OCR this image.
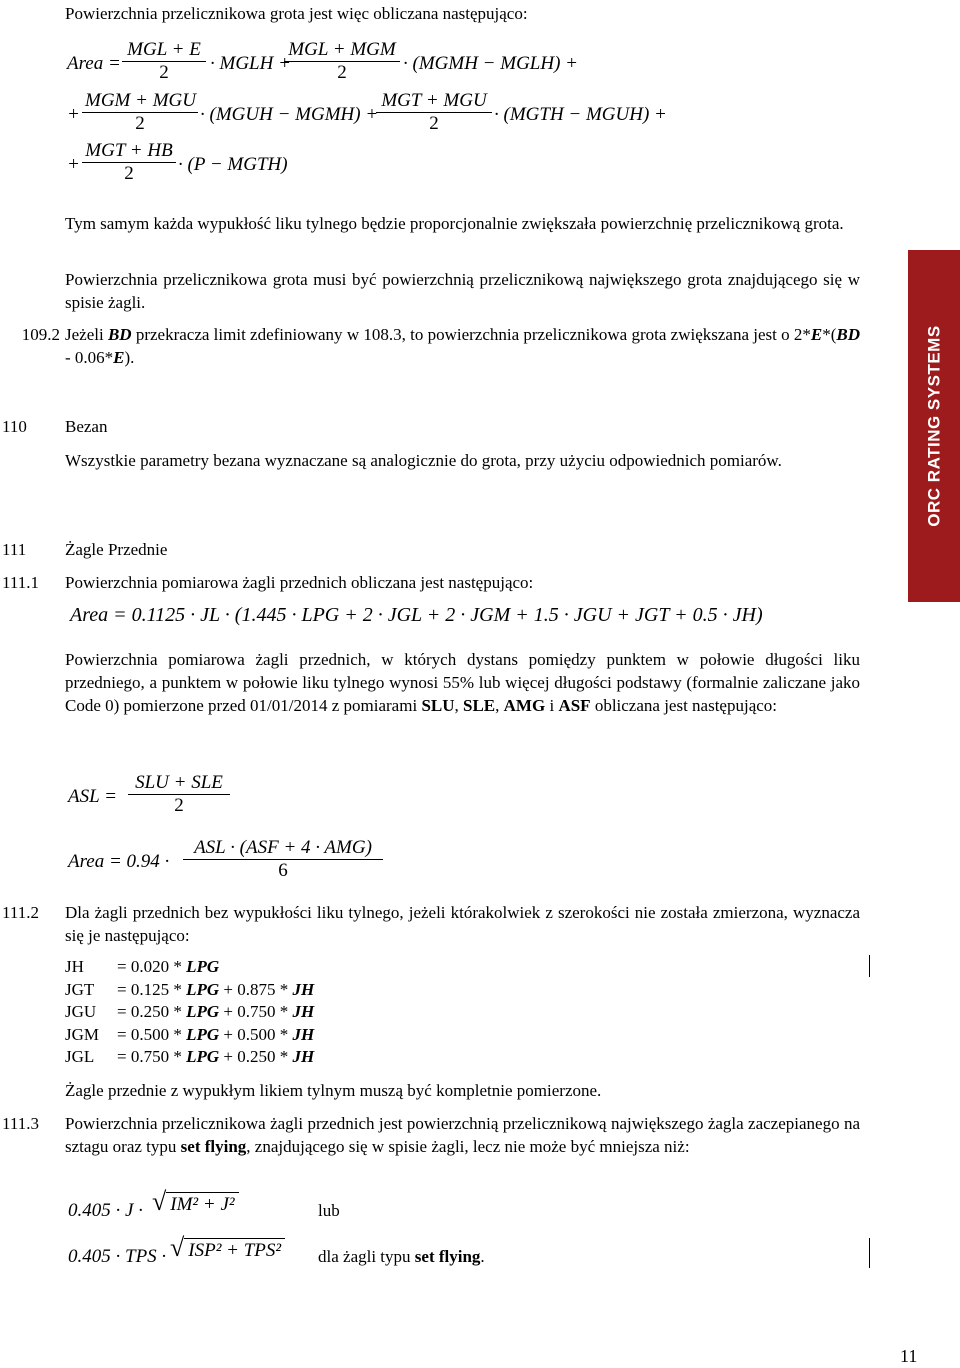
Powierzchnia przelicznikowa grota jest więc obliczana następująco:
Area =
MGL + E
2	· MGLH +
MGL + MGM
2	· (MGMH − MGLH) +
+
MGM + MGU
2	· (MGUH − MGMH) +
MGT + MGU
2	· (MGTH − MGUH) +
+
MGT + HB
2	· (P − MGTH)
Tym samym każda wypukłość liku tylnego będzie proporcjonalnie zwiększała powierzchnię przelicznikową grota.
Powierzchnia przelicznikowa grota musi być powierzchnią przelicznikową największego grota znajdującego się w spisie żagli.
109.2 Jeżeli BD przekracza limit zdefiniowany w 108.3, to powierzchnia przelicznikowa grota zwiększana jest o 2*E*(BD - 0.06*E).
110	Bezan
Wszystkie parametry bezana wyznaczane są analogicznie do grota, przy użyciu odpowiednich pomiarów.
111	Żagle Przednie
111.1	Powierzchnia pomiarowa żagli przednich obliczana jest następująco:
Area = 0.1125 · JL · (1.445 · LPG + 2 · JGL + 2 · JGM + 1.5 · JGU + JGT + 0.5 · JH)
Powierzchnia pomiarowa żagli przednich, w których dystans pomiędzy punktem w połowie długości liku przedniego, a punktem w połowie liku tylnego wynosi 55% lub więcej długości podstawy (formalnie zaliczane jako Code 0) pomierzone przed 01/01/2014 z pomiarami SLU, SLE, AMG i ASF obliczana jest następująco:
ASL =
SLU + SLE
2
Area = 0.94 ·
ASL · (ASF + 4 · AMG)
6
111.2	Dla żagli przednich bez wypukłości liku tylnego, jeżeli którakolwiek z szerokości nie została zmierzona, wyznacza się je następująco:
JH	= 0.020 * LPG
JGT	= 0.125 * LPG + 0.875 * JH
JGU	= 0.250 * LPG + 0.750 * JH
JGM	= 0.500 * LPG + 0.500 * JH
JGL	= 0.750 * LPG + 0.250 * JH
Żagle przednie z wypukłym likiem tylnym muszą być kompletnie pomierzone.
111.3	Powierzchnia przelicznikowa żagli przednich jest powierzchnią przelicznikową największego żagla zaczepianego na sztagu oraz typu set flying, znajdującego się w spisie żagli, lecz nie może być mniejsza niż:
0.405 · J · √ IM² + J²	lub
0.405 · TPS · √ ISP² + TPS² dla żagli typu set flying.
ORC RATING SYSTEMS
11
